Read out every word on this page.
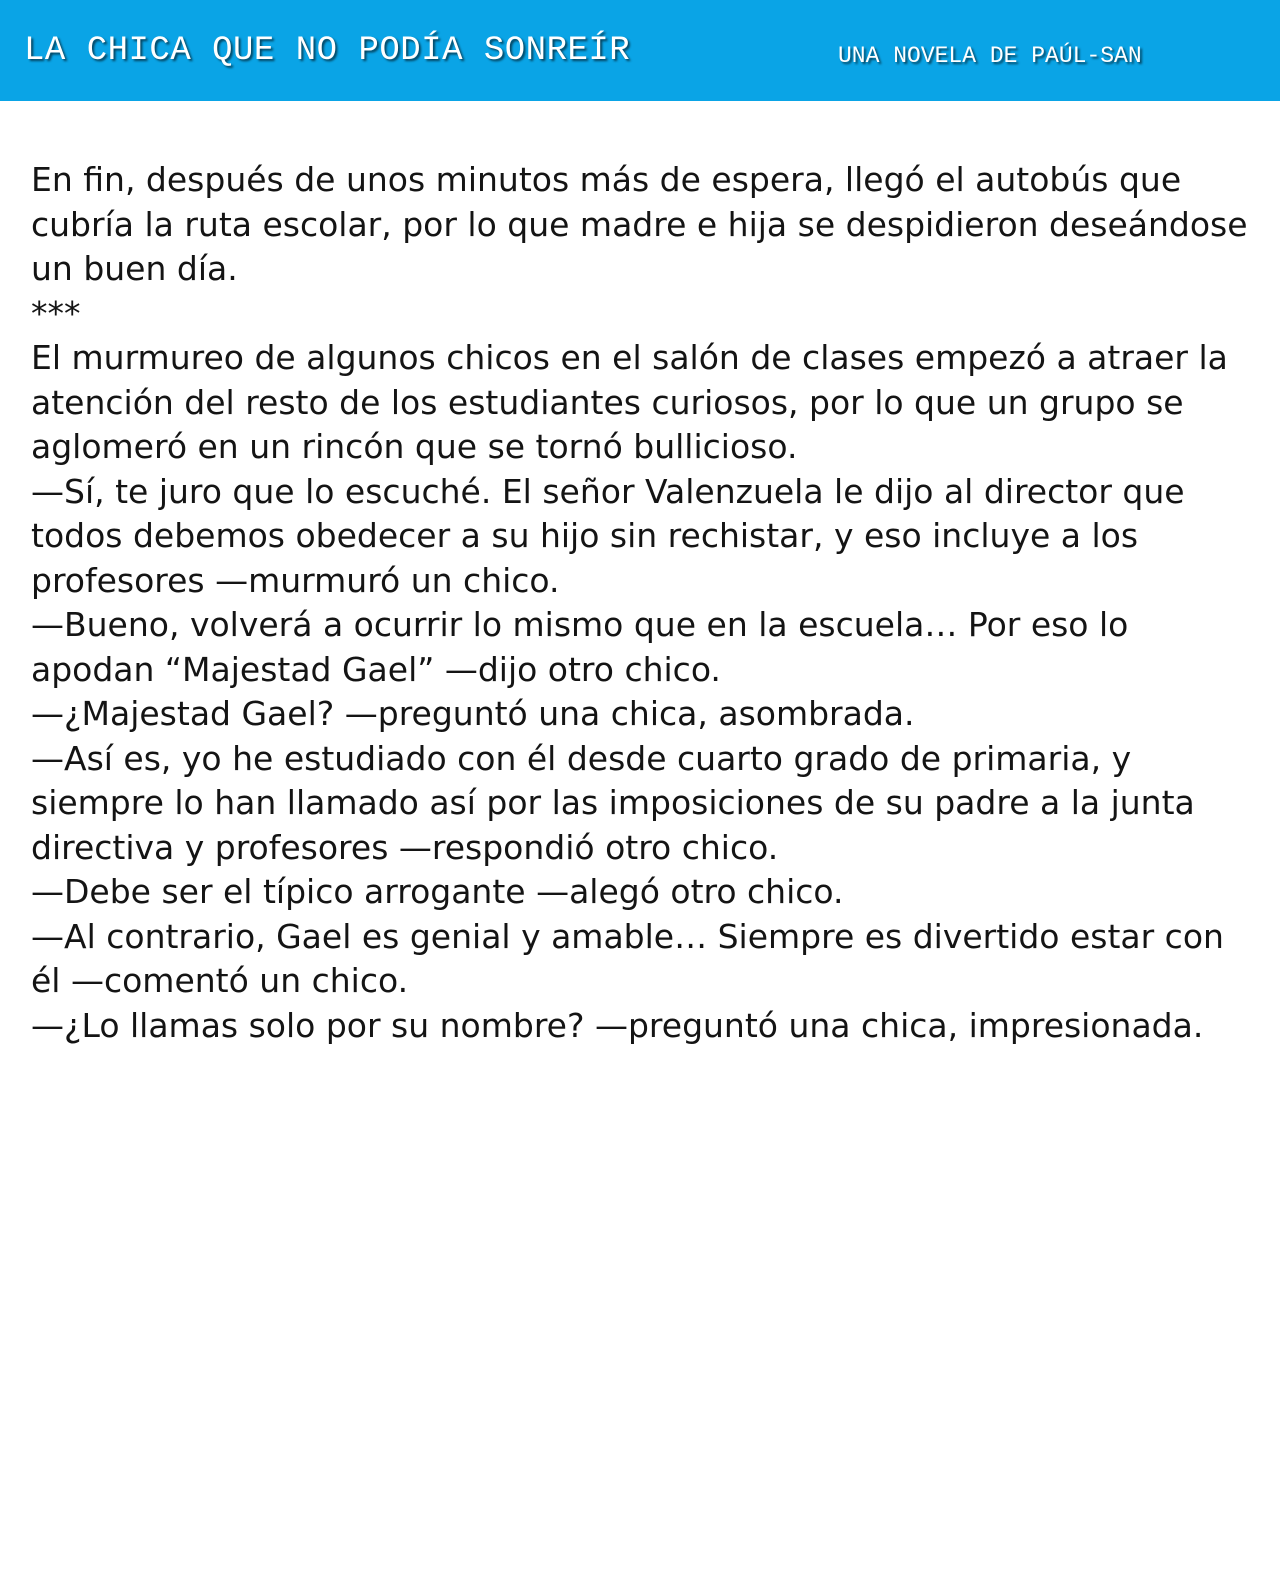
LA CHICA QUE NO PODÍA SONREÍR	UNA NOVELA DE PAÚL-SAN

En fin, después de unos minutos más de espera, llegó el autobús que cubría la ruta escolar, por lo que madre e hija se despidieron deseándose un buen día.

***

El murmureo de algunos chicos en el salón de clases empezó a atraer la atención del resto de los estudiantes curiosos, por lo que un grupo se aglomeró en un rincón que se tornó bullicioso.

—Sí, te juro que lo escuché. El señor Valenzuela le dijo al director que todos debemos obedecer a su hijo sin rechistar, y eso incluye a los profesores —murmuró un chico.

—Bueno, volverá a ocurrir lo mismo que en la escuela… Por eso lo apodan “Majestad Gael” —dijo otro chico.

—¿Majestad Gael? —preguntó una chica, asombrada.

—Así es, yo he estudiado con él desde cuarto grado de primaria, y siempre lo han llamado así por las imposiciones de su padre a la junta directiva y profesores —respondió otro chico.

—Debe ser el típico arrogante —alegó otro chico.

—Al contrario, Gael es genial y amable… Siempre es divertido estar con él —comentó un chico.

—¿Lo llamas solo por su nombre? —preguntó una chica, impresionada.
